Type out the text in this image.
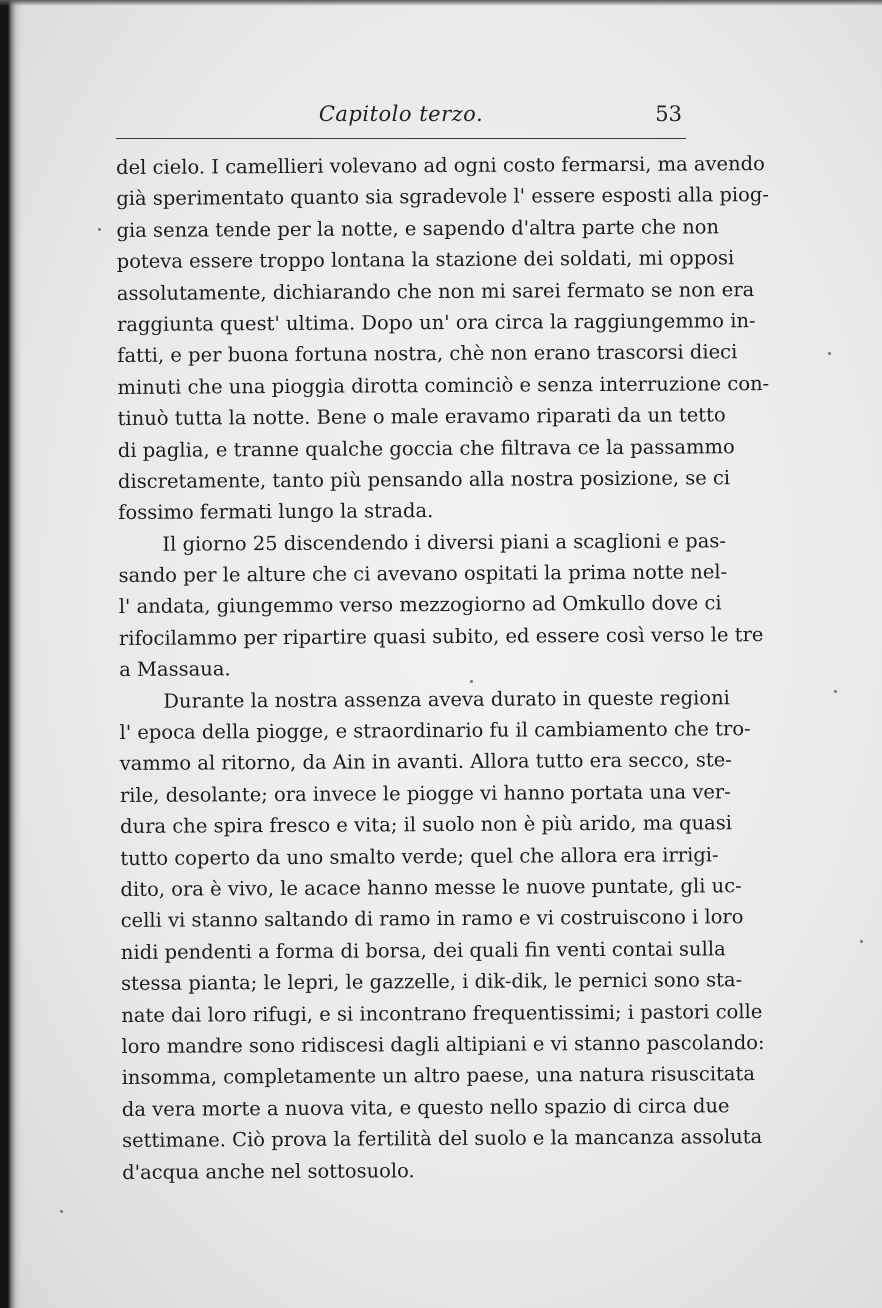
Capitolo terzo.	53
del cielo. I camellieri volevano ad ogni costo fermarsi, ma avendo
già sperimentato quanto sia sgradevole l' essere esposti alla piog-
gia senza tende per la notte, e sapendo d'altra parte che non
poteva essere troppo lontana la stazione dei soldati, mi opposi
assolutamente, dichiarando che non mi sarei fermato se non era
raggiunta quest' ultima. Dopo un' ora circa la raggiungemmo in-
fatti, e per buona fortuna nostra, chè non erano trascorsi dieci
minuti che una pioggia dirotta cominciò e senza interruzione con-
tinuò tutta la notte. Bene o male eravamo riparati da un tetto
di paglia, e tranne qualche goccia che filtrava ce la passammo
discretamente, tanto più pensando alla nostra posizione, se ci
fossimo fermati lungo la strada.
Il giorno 25 discendendo i diversi piani a scaglioni e pas-
sando per le alture che ci avevano ospitati la prima notte nel-
l' andata, giungemmo verso mezzogiorno ad Omkullo dove ci
rifocilammo per ripartire quasi subito, ed essere così verso le tre
a Massaua.
Durante la nostra assenza aveva durato in queste regioni
l' epoca della piogge, e straordinario fu il cambiamento che tro-
vammo al ritorno, da Ain in avanti. Allora tutto era secco, ste-
rile, desolante; ora invece le piogge vi hanno portata una ver-
dura che spira fresco e vita; il suolo non è più arido, ma quasi
tutto coperto da uno smalto verde; quel che allora era irrigi-
dito, ora è vivo, le acace hanno messe le nuove puntate, gli uc-
celli vi stanno saltando di ramo in ramo e vi costruiscono i loro
nidi pendenti a forma di borsa, dei quali fin venti contai sulla
stessa pianta; le lepri, le gazzelle, i dik-dik, le pernici sono sta-
nate dai loro rifugi, e si incontrano frequentissimi; i pastori colle
loro mandre sono ridiscesi dagli altipiani e vi stanno pascolando:
insomma, completamente un altro paese, una natura risuscitata
da vera morte a nuova vita, e questo nello spazio di circa due
settimane. Ciò prova la fertilità del suolo e la mancanza assoluta
d'acqua anche nel sottosuolo.
